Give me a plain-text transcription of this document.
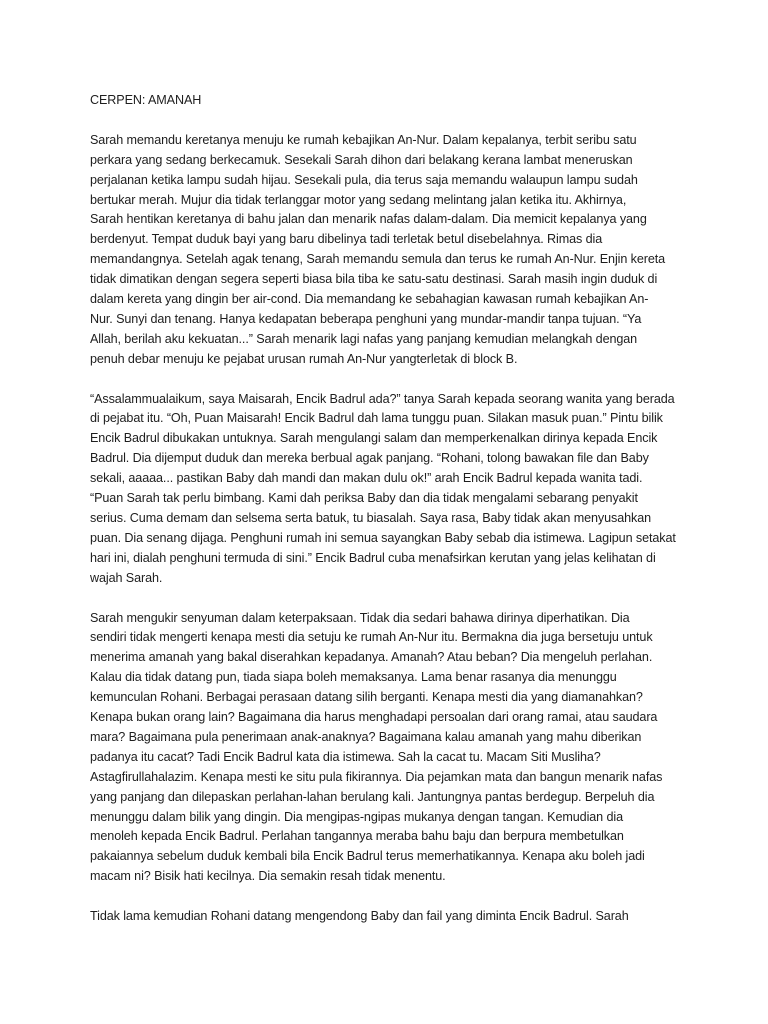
CERPEN: AMANAH
Sarah memandu keretanya menuju ke rumah kebajikan An-Nur. Dalam kepalanya, terbit seribu satu
perkara yang sedang berkecamuk. Sesekali Sarah dihon dari belakang kerana lambat meneruskan
perjalanan ketika lampu sudah hijau. Sesekali pula, dia terus saja memandu walaupun lampu sudah
bertukar merah. Mujur dia tidak terlanggar motor yang sedang melintang jalan ketika itu. Akhirnya,
Sarah hentikan keretanya di bahu jalan dan menarik nafas dalam-dalam. Dia memicit kepalanya yang
berdenyut. Tempat duduk bayi yang baru dibelinya tadi terletak betul disebelahnya. Rimas dia
memandangnya. Setelah agak tenang, Sarah memandu semula dan terus ke rumah An-Nur. Enjin kereta
tidak dimatikan dengan segera seperti biasa bila tiba ke satu-satu destinasi. Sarah masih ingin duduk di
dalam kereta yang dingin ber air-cond. Dia memandang ke sebahagian kawasan rumah kebajikan An-
Nur. Sunyi dan tenang. Hanya kedapatan beberapa penghuni yang mundar-mandir tanpa tujuan. “Ya
Allah, berilah aku kekuatan...” Sarah menarik lagi nafas yang panjang kemudian melangkah dengan
penuh debar menuju ke pejabat urusan rumah An-Nur yangterletak di block B.
“Assalammualaikum, saya Maisarah, Encik Badrul ada?” tanya Sarah kepada seorang wanita yang berada
di pejabat itu. “Oh, Puan Maisarah! Encik Badrul dah lama tunggu puan. Silakan masuk puan.” Pintu bilik
Encik Badrul dibukakan untuknya. Sarah mengulangi salam dan memperkenalkan dirinya kepada Encik
Badrul. Dia dijemput duduk dan mereka berbual agak panjang. “Rohani, tolong bawakan file dan Baby
sekali, aaaaa... pastikan Baby dah mandi dan makan dulu ok!” arah Encik Badrul kepada wanita tadi.
“Puan Sarah tak perlu bimbang. Kami dah periksa Baby dan dia tidak mengalami sebarang penyakit
serius. Cuma demam dan selsema serta batuk, tu biasalah. Saya rasa, Baby tidak akan menyusahkan
puan. Dia senang dijaga. Penghuni rumah ini semua sayangkan Baby sebab dia istimewa. Lagipun setakat
hari ini, dialah penghuni termuda di sini.” Encik Badrul cuba menafsirkan kerutan yang jelas kelihatan di
wajah Sarah.
Sarah mengukir senyuman dalam keterpaksaan. Tidak dia sedari bahawa dirinya diperhatikan. Dia
sendiri tidak mengerti kenapa mesti dia setuju ke rumah An-Nur itu. Bermakna dia juga bersetuju untuk
menerima amanah yang bakal diserahkan kepadanya. Amanah? Atau beban? Dia mengeluh perlahan.
Kalau dia tidak datang pun, tiada siapa boleh memaksanya. Lama benar rasanya dia menunggu
kemunculan Rohani. Berbagai perasaan datang silih berganti. Kenapa mesti dia yang diamanahkan?
Kenapa bukan orang lain? Bagaimana dia harus menghadapi persoalan dari orang ramai, atau saudara
mara? Bagaimana pula penerimaan anak-anaknya? Bagaimana kalau amanah yang mahu diberikan
padanya itu cacat? Tadi Encik Badrul kata dia istimewa. Sah la cacat tu. Macam Siti Musliha?
Astagfirullahalazim. Kenapa mesti ke situ pula fikirannya. Dia pejamkan mata dan bangun menarik nafas
yang panjang dan dilepaskan perlahan-lahan berulang kali. Jantungnya pantas berdegup. Berpeluh dia
menunggu dalam bilik yang dingin. Dia mengipas-ngipas mukanya dengan tangan. Kemudian dia
menoleh kepada Encik Badrul. Perlahan tangannya meraba bahu baju dan berpura membetulkan
pakaiannya sebelum duduk kembali bila Encik Badrul terus memerhatikannya. Kenapa aku boleh jadi
macam ni? Bisik hati kecilnya. Dia semakin resah tidak menentu.
Tidak lama kemudian Rohani datang mengendong Baby dan fail yang diminta Encik Badrul. Sarah
